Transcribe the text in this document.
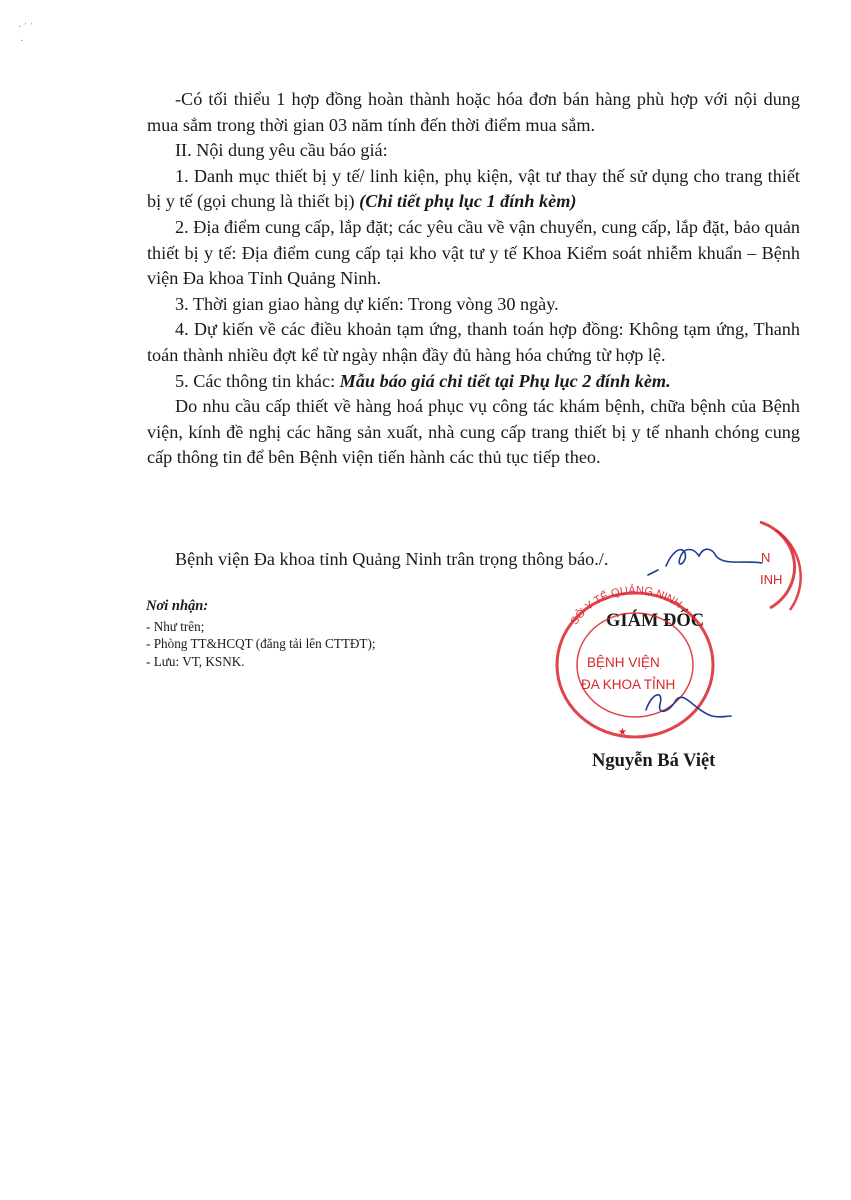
· ˈ ˈ
.

-Có tối thiểu 1 hợp đồng hoàn thành hoặc hóa đơn bán hàng phù hợp với nội dung mua sắm trong thời gian 03 năm tính đến thời điểm mua sắm.

II. Nội dung yêu cầu báo giá:

1. Danh mục thiết bị y tế/ linh kiện, phụ kiện, vật tư thay thế sử dụng cho trang thiết bị y tế (gọi chung là thiết bị) (Chi tiết phụ lục 1 đính kèm)

2. Địa điểm cung cấp, lắp đặt; các yêu cầu về vận chuyển, cung cấp, lắp đặt, bảo quản thiết bị y tế: Địa điểm cung cấp tại kho vật tư y tế Khoa Kiểm soát nhiễm khuẩn – Bệnh viện Đa khoa Tỉnh Quảng Ninh.

3. Thời gian giao hàng dự kiến: Trong vòng 30 ngày.

4. Dự kiến về các điều khoản tạm ứng, thanh toán hợp đồng: Không tạm ứng, Thanh toán thành nhiều đợt kể từ ngày nhận đầy đủ hàng hóa chứng từ hợp lệ.

5. Các thông tin khác: Mẫu báo giá chi tiết tại Phụ lục 2 đính kèm.

Do nhu cầu cấp thiết về hàng hoá phục vụ công tác khám bệnh, chữa bệnh của Bệnh viện, kính đề nghị các hãng sản xuất, nhà cung cấp trang thiết bị y tế nhanh chóng cung cấp thông tin để bên Bệnh viện tiến hành các thủ tục tiếp theo.

Bệnh viện Đa khoa tỉnh Quảng Ninh trân trọng thông báo./.
Nơi nhận:
- Như trên;
- Phòng TT&HCQT (đăng tải lên CTTĐT);
- Lưu: VT, KSNK.
GIÁM ĐỐC
N
INH
SỞ Y TẾ QUẢNG NINH
BỆNH VIỆN
ĐA KHOA TỈNH
★
Nguyễn Bá Việt
